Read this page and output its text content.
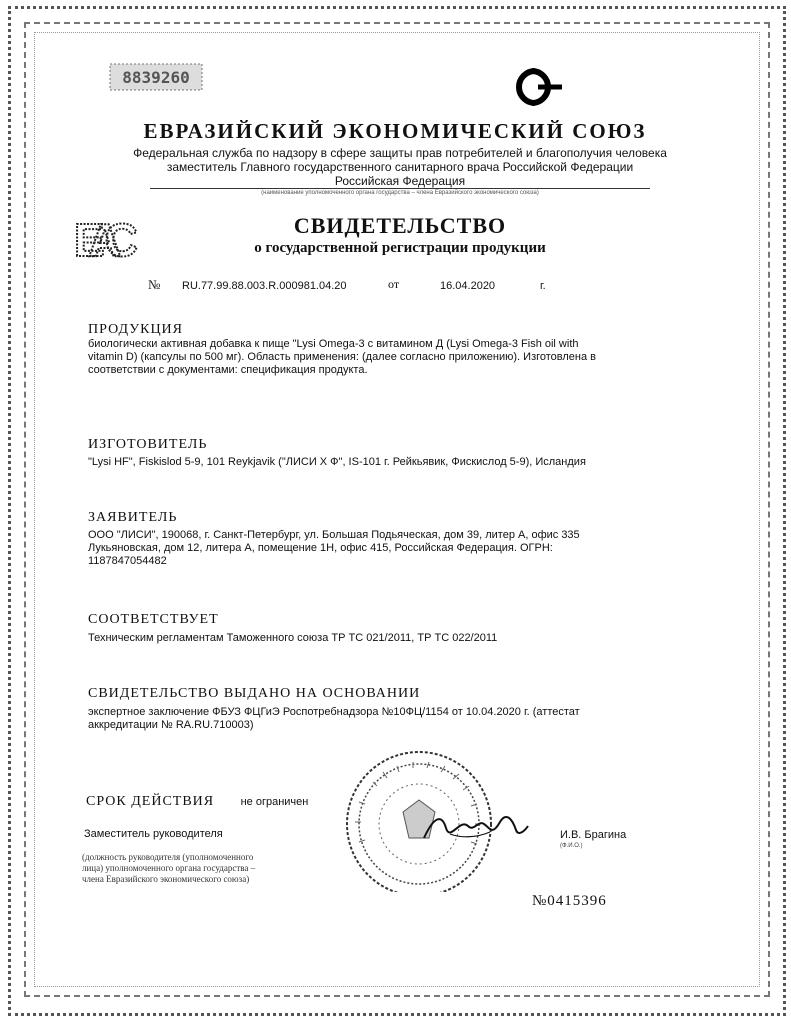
8839260
ЕВРАЗИЙСКИЙ ЭКОНОМИЧЕСКИЙ СОЮЗ
Федеральная служба по надзору в сфере защиты прав потребителей и благополучия человека
заместитель Главного государственного санитарного врача Российской Федерации
Российская Федерация
(наименование уполномоченного органа государства – члена Евразийского экономического союза)
EAC	СВИДЕТЕЛЬСТВО
о государственной регистрации продукции
№ RU.77.99.88.003.R.000981.04.20	от	16.04.2020	г.
ПРОДУКЦИЯ
биологически активная добавка к пище "Lysi Omega-3 с витамином Д (Lysi Omega-3 Fish oil with
vitamin D) (капсулы по 500 мг). Область применения: (далее согласно приложению). Изготовлена в
соответствии с документами: спецификация продукта.
ИЗГОТОВИТЕЛЬ
"Lysi HF", Fiskislod 5-9, 101 Reykjavik ("ЛИСИ Х Ф", IS-101 г. Рейкьявик, Фискислод 5-9), Исландия
ЗАЯВИТЕЛЬ
ООО "ЛИСИ", 190068, г. Санкт-Петербург, ул. Большая Подьяческая, дом 39, литер А, офис 335
Лукьяновская, дом 12, литера А, помещение 1Н, офис 415, Российская Федерация. ОГРН:
1187847054482
СООТВЕТСТВУЕТ
Техническим регламентам Таможенного союза ТР ТС 021/2011, ТР ТС 022/2011
СВИДЕТЕЛЬСТВО ВЫДАНО НА ОСНОВАНИИ
экспертное заключение ФБУЗ ФЦГиЭ Роспотребнадзора №10ФЦ/1154 от 10.04.2020 г. (аттестат
аккредитации № RA.RU.710003)
СРОК ДЕЙСТВИЯ не ограничен
Заместитель руководителя	И.В. Брагина
(Ф.И.О.)
(должность руководителя (уполномоченного
лица) уполномоченного органа государства –
члена Евразийского экономического союза)
№0415396
